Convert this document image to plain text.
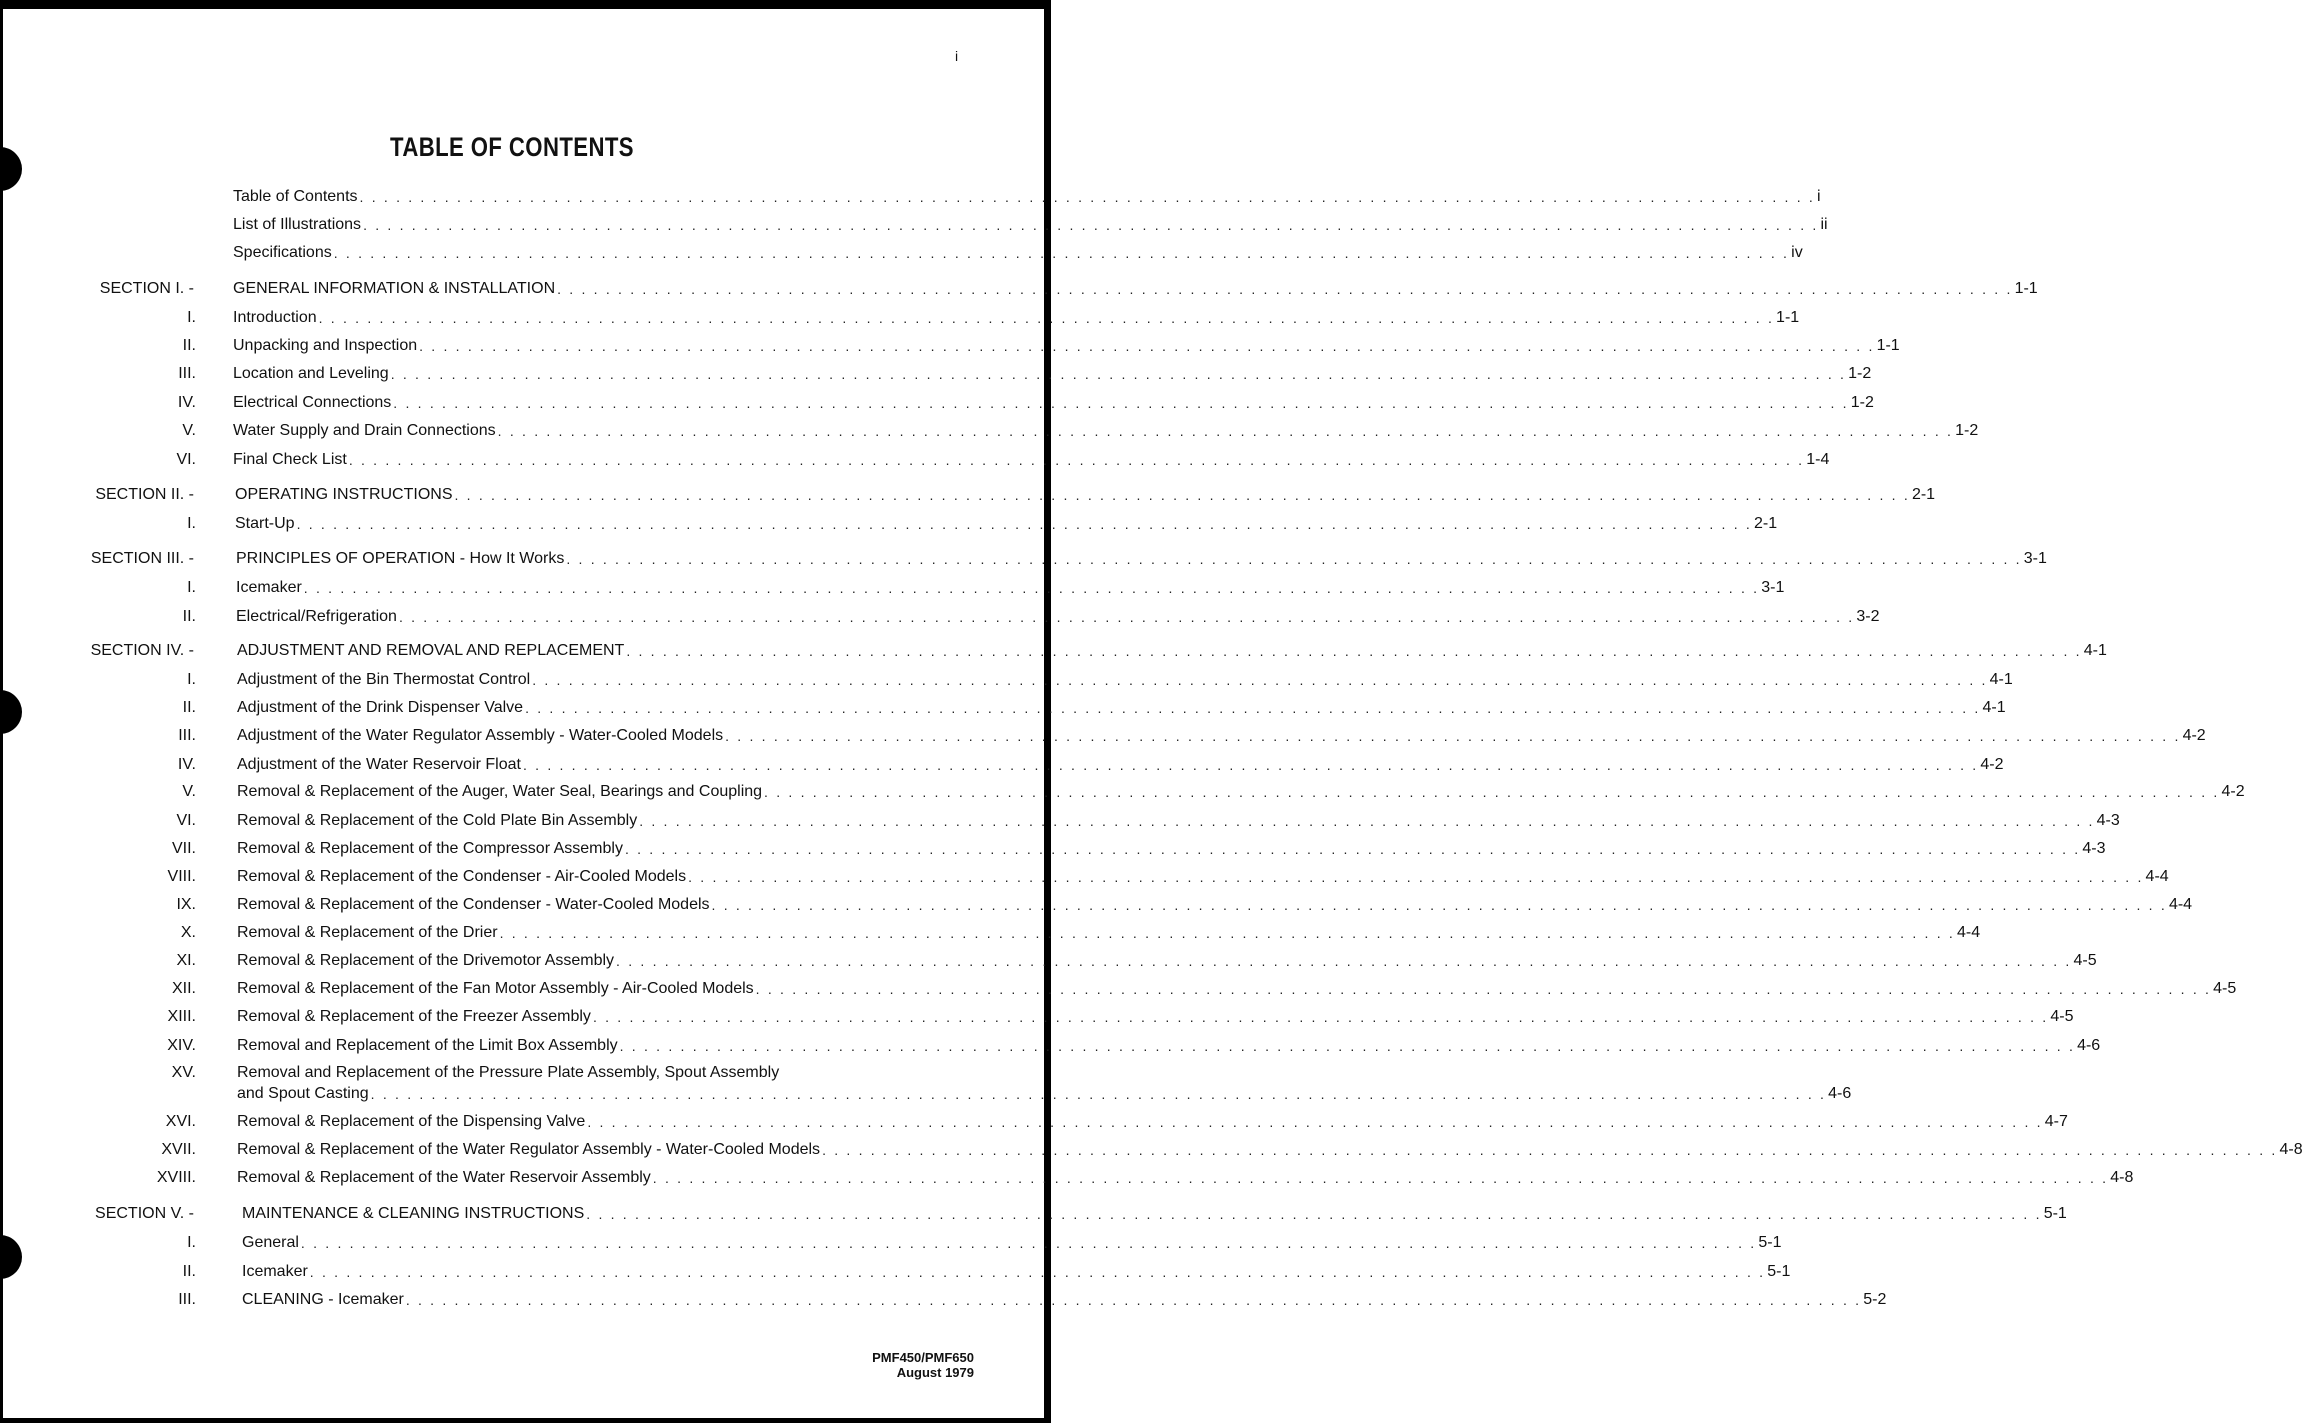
i
TABLE OF CONTENTS
Table of Contents . . . . . . . . . . . . . . . . . . . . . . . . . . . . . . . . . . . . . . . . . . . . . . . . . . . . . . . . . . . . . . . . . . . . . . . . . . . . . . . . . . . . . . . . . . . . . . . . . . . . . . . . . . . . . . . . . . . . . . . . i
List of Illustrations . . . . . . . . . . . . . . . . . . . . . . . . . . . . . . . . . . . . . . . . . . . . . . . . . . . . . . . . . . . . . . . . . . . . . . . . . . . . . . . . . . . . . . . . . . . . . . . . . . . . . . . . . . . . . . . . . . . . . . . . ii
Specifications . . . . . . . . . . . . . . . . . . . . . . . . . . . . . . . . . . . . . . . . . . . . . . . . . . . . . . . . . . . . . . . . . . . . . . . . . . . . . . . . . . . . . . . . . . . . . . . . . . . . . . . . . . . . . . . . . . . . . . . . iv
SECTION I. - GENERAL INFORMATION & INSTALLATION . . . . . . . . . . . . . . . . . . . . . . . . . . . . . . . . . . . . . . . . . . . . . . . . . . . . . . . . . . . . . . . . . . . . . . . . . . . . . . . . . . . . . . . . . . . . . . . . . . . . . . . . . . . . . . . . . . . . . . . . 1-1
I. Introduction . . . . . . . . . . . . . . . . . . . . . . . . . . . . . . . . . . . . . . . . . . . . . . . . . . . . . . . . . . . . . . . . . . . . . . . . . . . . . . . . . . . . . . . . . . . . . . . . . . . . . . . . . . . . . . . . . . . . . . . . 1-1
II. Unpacking and Inspection . . . . . . . . . . . . . . . . . . . . . . . . . . . . . . . . . . . . . . . . . . . . . . . . . . . . . . . . . . . . . . . . . . . . . . . . . . . . . . . . . . . . . . . . . . . . . . . . . . . . . . . . . . . . . . . . . . . . . . . . 1-1
III. Location and Leveling . . . . . . . . . . . . . . . . . . . . . . . . . . . . . . . . . . . . . . . . . . . . . . . . . . . . . . . . . . . . . . . . . . . . . . . . . . . . . . . . . . . . . . . . . . . . . . . . . . . . . . . . . . . . . . . . . . . . . . . . 1-2
IV. Electrical Connections . . . . . . . . . . . . . . . . . . . . . . . . . . . . . . . . . . . . . . . . . . . . . . . . . . . . . . . . . . . . . . . . . . . . . . . . . . . . . . . . . . . . . . . . . . . . . . . . . . . . . . . . . . . . . . . . . . . . . . . . 1-2
V. Water Supply and Drain Connections . . . . . . . . . . . . . . . . . . . . . . . . . . . . . . . . . . . . . . . . . . . . . . . . . . . . . . . . . . . . . . . . . . . . . . . . . . . . . . . . . . . . . . . . . . . . . . . . . . . . . . . . . . . . . . . . . . . . . . . . 1-2
VI. Final Check List . . . . . . . . . . . . . . . . . . . . . . . . . . . . . . . . . . . . . . . . . . . . . . . . . . . . . . . . . . . . . . . . . . . . . . . . . . . . . . . . . . . . . . . . . . . . . . . . . . . . . . . . . . . . . . . . . . . . . . . . 1-4
SECTION II. -	OPERATING INSTRUCTIONS . . . . . . . . . . . . . . . . . . . . . . . . . . . . . . . . . . . . . . . . . . . . . . . . . . . . . . . . . . . . . . . . . . . . . . . . . . . . . . . . . . . . . . . . . . . . . . . . . . . . . . . . . . . . . . . . . . . . . . . . 2-1
I. Start-Up . . . . . . . . . . . . . . . . . . . . . . . . . . . . . . . . . . . . . . . . . . . . . . . . . . . . . . . . . . . . . . . . . . . . . . . . . . . . . . . . . . . . . . . . . . . . . . . . . . . . . . . . . . . . . . . . . . . . . . . . 2-1
SECTION III. -	PRINCIPLES OF OPERATION - How It Works . . . . . . . . . . . . . . . . . . . . . . . . . . . . . . . . . . . . . . . . . . . . . . . . . . . . . . . . . . . . . . . . . . . . . . . . . . . . . . . . . . . . . . . . . . . . . . . . . . . . . . . . . . . . . . . . . . . . . . . . 3-1
I.	Icemaker . . . . . . . . . . . . . . . . . . . . . . . . . . . . . . . . . . . . . . . . . . . . . . . . . . . . . . . . . . . . . . . . . . . . . . . . . . . . . . . . . . . . . . . . . . . . . . . . . . . . . . . . . . . . . . . . . . . . . . . . 3-1
II.	Electrical/Refrigeration . . . . . . . . . . . . . . . . . . . . . . . . . . . . . . . . . . . . . . . . . . . . . . . . . . . . . . . . . . . . . . . . . . . . . . . . . . . . . . . . . . . . . . . . . . . . . . . . . . . . . . . . . . . . . . . . . . . . . . . . 3-2
SECTION IV. -	ADJUSTMENT AND REMOVAL AND REPLACEMENT . . . . . . . . . . . . . . . . . . . . . . . . . . . . . . . . . . . . . . . . . . . . . . . . . . . . . . . . . . . . . . . . . . . . . . . . . . . . . . . . . . . . . . . . . . . . . . . . . . . . . . . . . . . . . . . . . . . . . . . . 4-1
I.	Adjustment of the Bin Thermostat Control . . . . . . . . . . . . . . . . . . . . . . . . . . . . . . . . . . . . . . . . . . . . . . . . . . . . . . . . . . . . . . . . . . . . . . . . . . . . . . . . . . . . . . . . . . . . . . . . . . . . . . . . . . . . . . . . . . . . . . . . 4-1
II.	Adjustment of the Drink Dispenser Valve . . . . . . . . . . . . . . . . . . . . . . . . . . . . . . . . . . . . . . . . . . . . . . . . . . . . . . . . . . . . . . . . . . . . . . . . . . . . . . . . . . . . . . . . . . . . . . . . . . . . . . . . . . . . . . . . . . . . . . . . 4-1
III.	Adjustment of the Water Regulator Assembly - Water-Cooled Models . . . . . . . . . . . . . . . . . . . . . . . . . . . . . . . . . . . . . . . . . . . . . . . . . . . . . . . . . . . . . . . . . . . . . . . . . . . . . . . . . . . . . . . . . . . . . . . . . . . . . . . . . . . . . . . . . . . . . . . . 4-2
IV.	Adjustment of the Water Reservoir Float . . . . . . . . . . . . . . . . . . . . . . . . . . . . . . . . . . . . . . . . . . . . . . . . . . . . . . . . . . . . . . . . . . . . . . . . . . . . . . . . . . . . . . . . . . . . . . . . . . . . . . . . . . . . . . . . . . . . . . . . 4-2
V.	Removal & Replacement of the Auger, Water Seal, Bearings and Coupling . . . . . . . . . . . . . . . . . . . . . . . . . . . . . . . . . . . . . . . . . . . . . . . . . . . . . . . . . . . . . . . . . . . . . . . . . . . . . . . . . . . . . . . . . . . . . . . . . . . . . . . . . . . . . . . . . . . . . . . . 4-2
VI.	Removal & Replacement of the Cold Plate Bin Assembly . . . . . . . . . . . . . . . . . . . . . . . . . . . . . . . . . . . . . . . . . . . . . . . . . . . . . . . . . . . . . . . . . . . . . . . . . . . . . . . . . . . . . . . . . . . . . . . . . . . . . . . . . . . . . . . . . . . . . . . . 4-3
VII.	Removal & Replacement of the Compressor Assembly . . . . . . . . . . . . . . . . . . . . . . . . . . . . . . . . . . . . . . . . . . . . . . . . . . . . . . . . . . . . . . . . . . . . . . . . . . . . . . . . . . . . . . . . . . . . . . . . . . . . . . . . . . . . . . . . . . . . . . . . 4-3
VIII.	Removal & Replacement of the Condenser - Air-Cooled Models . . . . . . . . . . . . . . . . . . . . . . . . . . . . . . . . . . . . . . . . . . . . . . . . . . . . . . . . . . . . . . . . . . . . . . . . . . . . . . . . . . . . . . . . . . . . . . . . . . . . . . . . . . . . . . . . . . . . . . . . 4-4
IX.	Removal & Replacement of the Condenser - Water-Cooled Models . . . . . . . . . . . . . . . . . . . . . . . . . . . . . . . . . . . . . . . . . . . . . . . . . . . . . . . . . . . . . . . . . . . . . . . . . . . . . . . . . . . . . . . . . . . . . . . . . . . . . . . . . . . . . . . . . . . . . . . . 4-4
X.	Removal & Replacement of the Drier . . . . . . . . . . . . . . . . . . . . . . . . . . . . . . . . . . . . . . . . . . . . . . . . . . . . . . . . . . . . . . . . . . . . . . . . . . . . . . . . . . . . . . . . . . . . . . . . . . . . . . . . . . . . . . . . . . . . . . . . 4-4
XI.	Removal & Replacement of the Drivemotor Assembly . . . . . . . . . . . . . . . . . . . . . . . . . . . . . . . . . . . . . . . . . . . . . . . . . . . . . . . . . . . . . . . . . . . . . . . . . . . . . . . . . . . . . . . . . . . . . . . . . . . . . . . . . . . . . . . . . . . . . . . . 4-5
XII.	Removal & Replacement of the Fan Motor Assembly - Air-Cooled Models . . . . . . . . . . . . . . . . . . . . . . . . . . . . . . . . . . . . . . . . . . . . . . . . . . . . . . . . . . . . . . . . . . . . . . . . . . . . . . . . . . . . . . . . . . . . . . . . . . . . . . . . . . . . . . . . . . . . . . . . 4-5
XIII.	Removal & Replacement of the Freezer Assembly . . . . . . . . . . . . . . . . . . . . . . . . . . . . . . . . . . . . . . . . . . . . . . . . . . . . . . . . . . . . . . . . . . . . . . . . . . . . . . . . . . . . . . . . . . . . . . . . . . . . . . . . . . . . . . . . . . . . . . . . 4-5
XIV.	Removal and Replacement of the Limit Box Assembly . . . . . . . . . . . . . . . . . . . . . . . . . . . . . . . . . . . . . . . . . . . . . . . . . . . . . . . . . . . . . . . . . . . . . . . . . . . . . . . . . . . . . . . . . . . . . . . . . . . . . . . . . . . . . . . . . . . . . . . . 4-6
XV.	Removal and Replacement of the Pressure Plate Assembly, Spout Assembly
and Spout Casting . . . . . . . . . . . . . . . . . . . . . . . . . . . . . . . . . . . . . . . . . . . . . . . . . . . . . . . . . . . . . . . . . . . . . . . . . . . . . . . . . . . . . . . . . . . . . . . . . . . . . . . . . . . . . . . . . . . . . . . . 4-6
XVI.	Removal & Replacement of the Dispensing Valve . . . . . . . . . . . . . . . . . . . . . . . . . . . . . . . . . . . . . . . . . . . . . . . . . . . . . . . . . . . . . . . . . . . . . . . . . . . . . . . . . . . . . . . . . . . . . . . . . . . . . . . . . . . . . . . . . . . . . . . . 4-7
XVII.	Removal & Replacement of the Water Regulator Assembly - Water-Cooled Models . . . . . . . . . . . . . . . . . . . . . . . . . . . . . . . . . . . . . . . . . . . . . . . . . . . . . . . . . . . . . . . . . . . . . . . . . . . . . . . . . . . . . . . . . . . . . . . . . . . . . . . . . . . . . . . . . . . . . . . . 4-8
XVIII.	Removal & Replacement of the Water Reservoir Assembly . . . . . . . . . . . . . . . . . . . . . . . . . . . . . . . . . . . . . . . . . . . . . . . . . . . . . . . . . . . . . . . . . . . . . . . . . . . . . . . . . . . . . . . . . . . . . . . . . . . . . . . . . . . . . . . . . . . . . . . . 4-8
SECTION V. -	MAINTENANCE & CLEANING INSTRUCTIONS . . . . . . . . . . . . . . . . . . . . . . . . . . . . . . . . . . . . . . . . . . . . . . . . . . . . . . . . . . . . . . . . . . . . . . . . . . . . . . . . . . . . . . . . . . . . . . . . . . . . . . . . . . . . . . . . . . . . . . . . 5-1
I.	General . . . . . . . . . . . . . . . . . . . . . . . . . . . . . . . . . . . . . . . . . . . . . . . . . . . . . . . . . . . . . . . . . . . . . . . . . . . . . . . . . . . . . . . . . . . . . . . . . . . . . . . . . . . . . . . . . . . . . . . . 5-1
II.	Icemaker . . . . . . . . . . . . . . . . . . . . . . . . . . . . . . . . . . . . . . . . . . . . . . . . . . . . . . . . . . . . . . . . . . . . . . . . . . . . . . . . . . . . . . . . . . . . . . . . . . . . . . . . . . . . . . . . . . . . . . . . 5-1
III.	CLEANING - Icemaker . . . . . . . . . . . . . . . . . . . . . . . . . . . . . . . . . . . . . . . . . . . . . . . . . . . . . . . . . . . . . . . . . . . . . . . . . . . . . . . . . . . . . . . . . . . . . . . . . . . . . . . . . . . . . . . . . . . . . . . . 5-2
PMF450/PMF650
August 1979
